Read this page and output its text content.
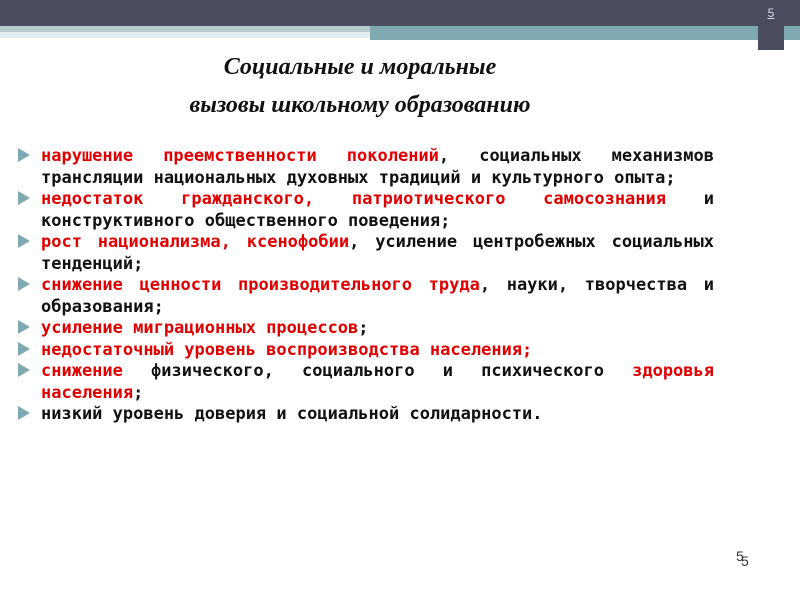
5
Социальные и моральные
вызовы школьному образованию
нарушение преемственности поколений, социальных механизмов трансляции национальных духовных традиций и культурного опыта;
недостаток гражданского, патриотического самосознания и конструктивного общественного поведения;
рост национализма, ксенофобии, усиление центробежных социальных тенденций;
снижение ценности производительного труда, науки, творчества и образования;
усиление миграционных процессов;
недостаточный уровень воспроизводства населения;
снижение физического, социального и психического здоровья населения;
низкий уровень доверия и социальной солидарности.
5
5
